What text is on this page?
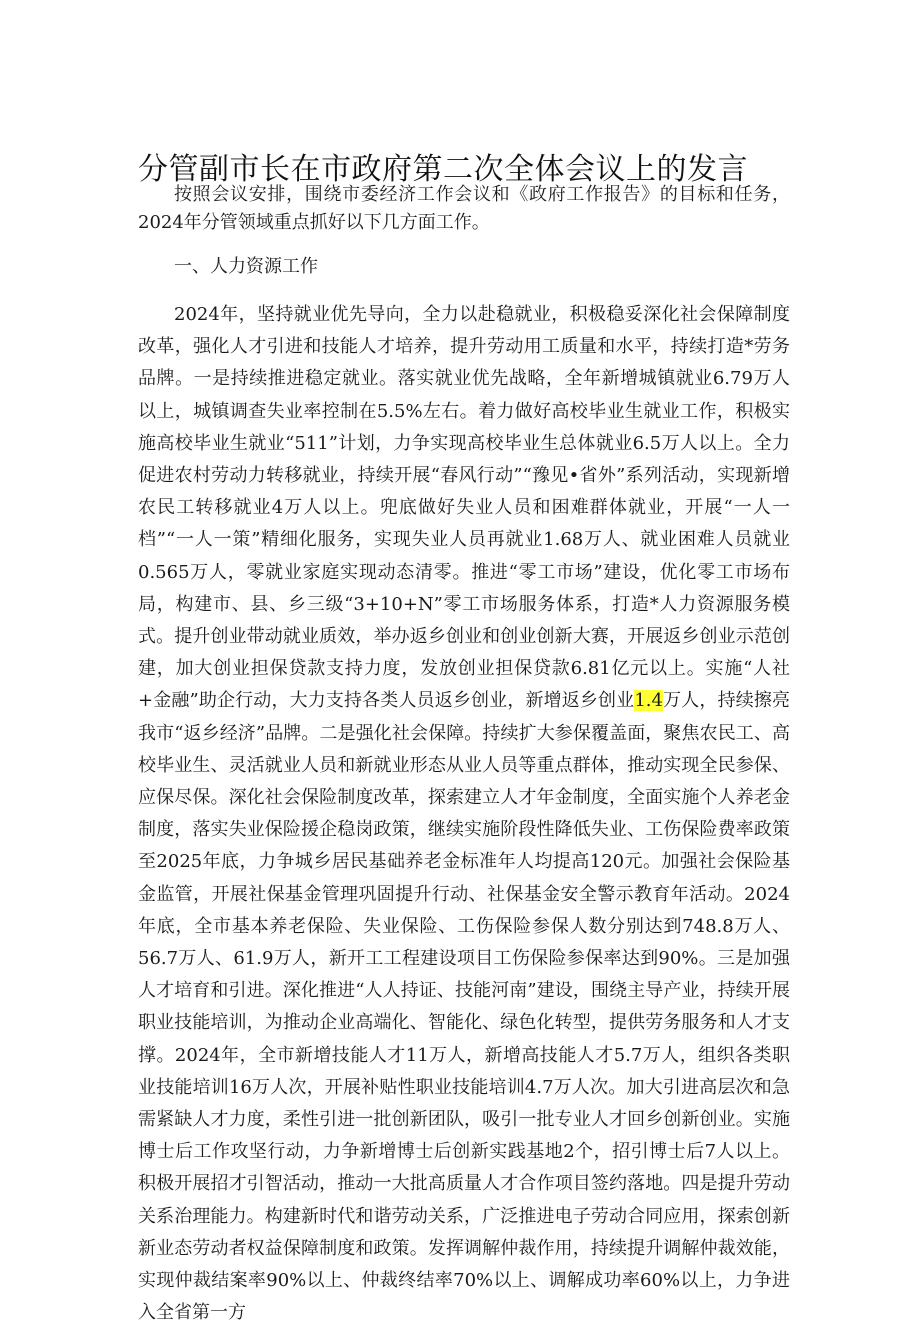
分管副市长在市政府第二次全体会议上的发言

按照会议安排，围绕市委经济工作会议和《政府工作报告》的目标和任务，2024年分管领域重点抓好以下几方面工作。

一、人力资源工作

2024年，坚持就业优先导向，全力以赴稳就业，积极稳妥深化社会保障制度改革，强化人才引进和技能人才培养，提升劳动用工质量和水平，持续打造*劳务品牌。一是持续推进稳定就业。落实就业优先战略，全年新增城镇就业6.79万人以上，城镇调查失业率控制在5.5%左右。着力做好高校毕业生就业工作，积极实施高校毕业生就业“511”计划，力争实现高校毕业生总体就业6.5万人以上。全力促进农村劳动力转移就业，持续开展“春风行动”“豫见•省外”系列活动，实现新增农民工转移就业4万人以上。兜底做好失业人员和困难群体就业，开展“一人一档”“一人一策”精细化服务，实现失业人员再就业1.68万人、就业困难人员就业0.565万人，零就业家庭实现动态清零。推进“零工市场”建设，优化零工市场布局，构建市、县、乡三级“3+10+N”零工市场服务体系，打造*人力资源服务模式。提升创业带动就业质效，举办返乡创业和创业创新大赛，开展返乡创业示范创建，加大创业担保贷款支持力度，发放创业担保贷款6.81亿元以上。实施“人社+金融”助企行动，大力支持各类人员返乡创业，新增返乡创业1.4万人，持续擦亮我市“返乡经济”品牌。二是强化社会保障。持续扩大参保覆盖面，聚焦农民工、高校毕业生、灵活就业人员和新就业形态从业人员等重点群体，推动实现全民参保、应保尽保。深化社会保险制度改革，探索建立人才年金制度，全面实施个人养老金制度，落实失业保险援企稳岗政策，继续实施阶段性降低失业、工伤保险费率政策至2025年底，力争城乡居民基础养老金标准年人均提高120元。加强社会保险基金监管，开展社保基金管理巩固提升行动、社保基金安全警示教育年活动。2024年底，全市基本养老保险、失业保险、工伤保险参保人数分别达到748.8万人、56.7万人、61.9万人，新开工工程建设项目工伤保险参保率达到90%。三是加强人才培育和引进。深化推进“人人持证、技能河南”建设，围绕主导产业，持续开展职业技能培训，为推动企业高端化、智能化、绿色化转型，提供劳务服务和人才支撑。2024年，全市新增技能人才11万人，新增高技能人才5.7万人，组织各类职业技能培训16万人次，开展补贴性职业技能培训4.7万人次。加大引进高层次和急需紧缺人才力度，柔性引进一批创新团队，吸引一批专业人才回乡创新创业。实施博士后工作攻坚行动，力争新增博士后创新实践基地2个，招引博士后7人以上。积极开展招才引智活动，推动一大批高质量人才合作项目签约落地。四是提升劳动关系治理能力。构建新时代和谐劳动关系，广泛推进电子劳动合同应用，探索创新新业态劳动者权益保障制度和政策。发挥调解仲裁作用，持续提升调解仲裁效能，实现仲裁结案率90%以上、仲裁终结率70%以上、调解成功率60%以上，力争进入全省第一方
